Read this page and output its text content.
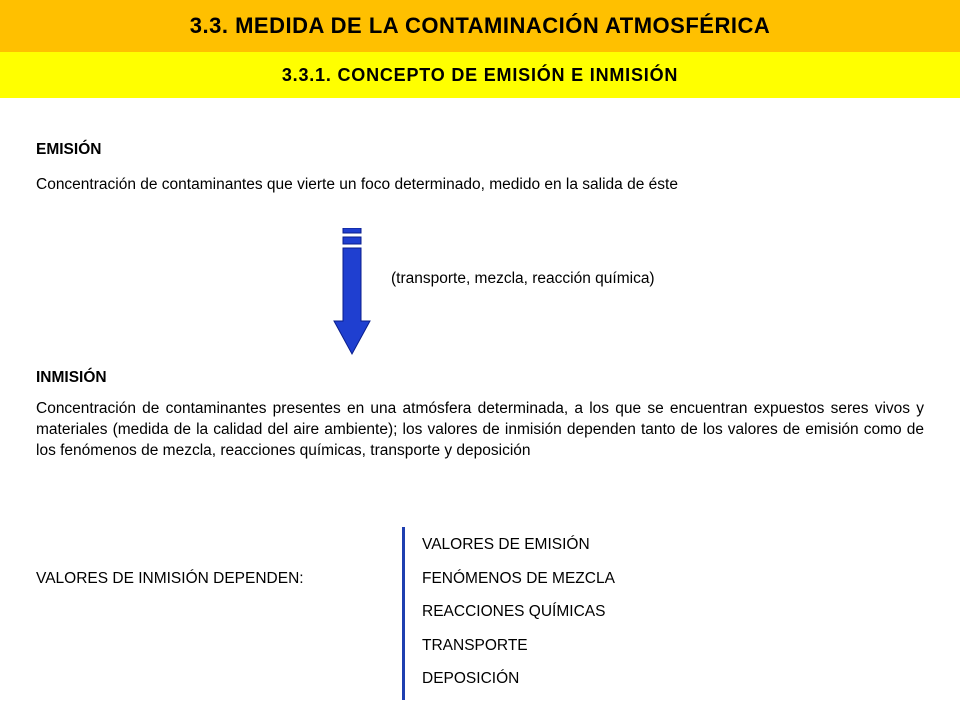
3.3. MEDIDA DE LA CONTAMINACIÓN ATMOSFÉRICA
3.3.1. CONCEPTO DE EMISIÓN E INMISIÓN
EMISIÓN
Concentración de contaminantes que vierte un foco determinado, medido en la salida de éste
(transporte, mezcla, reacción química)
INMISIÓN
Concentración de contaminantes presentes en una atmósfera determinada, a los que se encuentran expuestos seres vivos y materiales (medida de la calidad del aire ambiente); los valores de inmisión dependen tanto de los valores de emisión como de los fenómenos de mezcla, reacciones químicas, transporte y deposición
VALORES DE INMISIÓN DEPENDEN:
VALORES DE EMISIÓN
FENÓMENOS DE MEZCLA
REACCIONES QUÍMICAS
TRANSPORTE
DEPOSICIÓN
